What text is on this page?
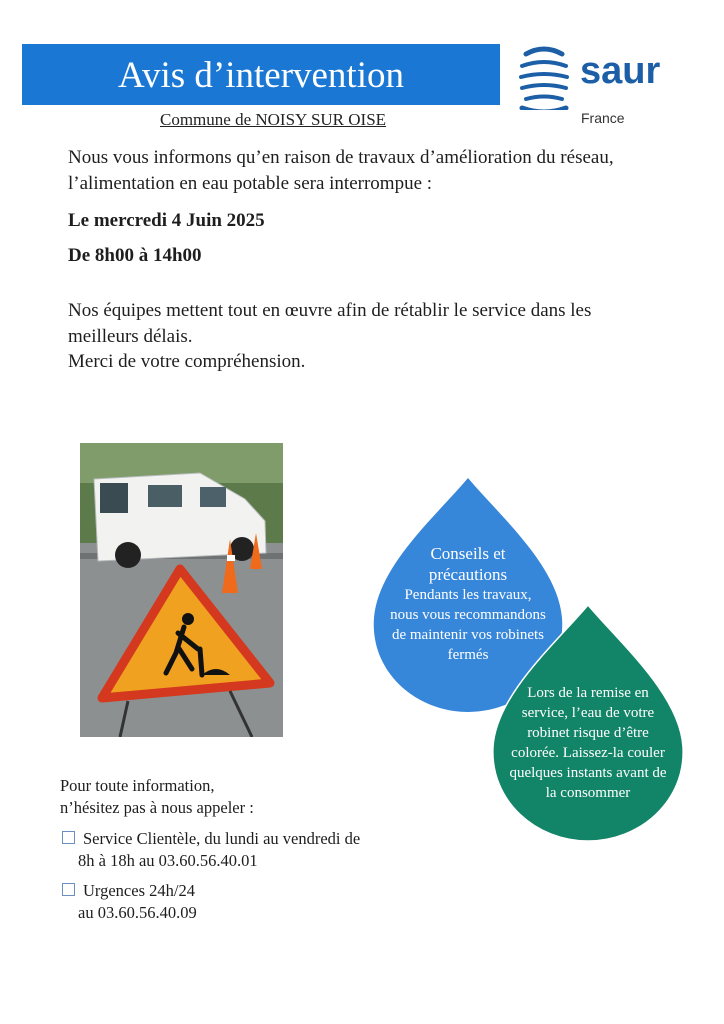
Avis d’intervention	saur
France
Commune de NOISY SUR OISE

Nous vous informons qu’en raison de travaux d’amélioration du réseau, l’alimentation en eau potable sera interrompue :

Le mercredi 4 Juin 2025

De 8h00 à 14h00

Nos équipes mettent tout en œuvre afin de rétablir le service dans les meilleurs délais.

Merci de votre compréhension.

Conseils et précautions
Pendants les travaux, nous vous recommandons de maintenir vos robinets fermés
Lors de la remise en service, l’eau de votre robinet risque d’être colorée. Laissez-la couler quelques instants avant de la consommer
Pour toute information,
n’hésitez pas à nous appeler :
Service Clientèle, du lundi au vendredi de
8h à 18h au 03.60.56.40.01
Urgences 24h/24
au 03.60.56.40.09
